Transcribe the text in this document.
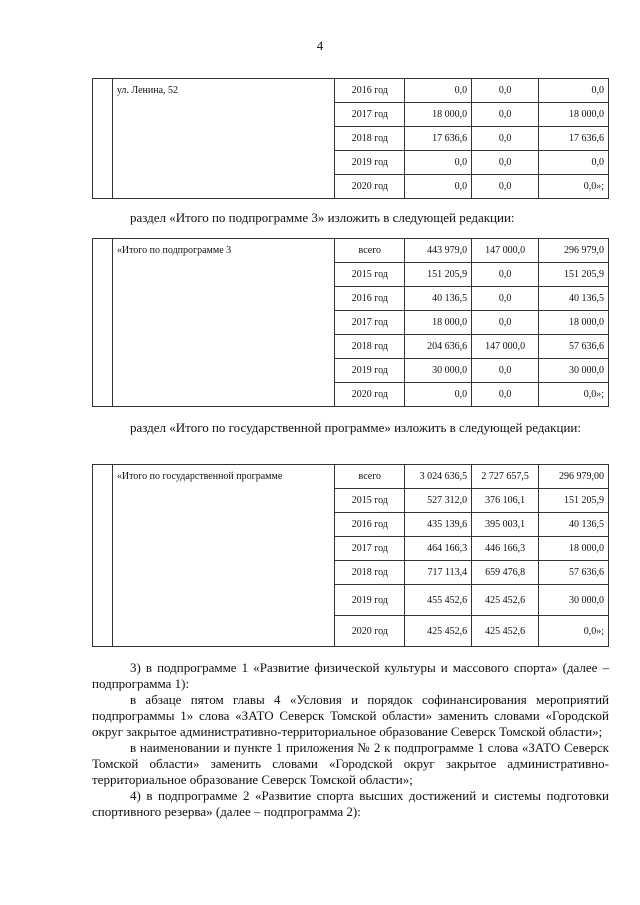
4
	ул. Ленина, 52	2016 год	0,0	0,0	0,0
		2017 год	18 000,0	0,0	18 000,0
		2018 год	17 636,6	0,0	17 636,6
		2019 год	0,0	0,0	0,0
		2020 год	0,0	0,0	0,0»;

раздел «Итого по подпрограмме 3» изложить в следующей редакции:

	«Итого по подпрограмме 3	всего	443 979,0	147 000,0	296 979,0
		2015 год	151 205,9	0,0	151 205,9
		2016 год	40 136,5	0,0	40 136,5
		2017 год	18 000,0	0,0	18 000,0
		2018 год	204 636,6	147 000,0	57 636,6
		2019 год	30 000,0	0,0	30 000,0
		2020 год	0,0	0,0	0,0»;

раздел «Итого по государственной программе» изложить в следующей редакции:

	«Итого по государственной программе	всего	3 024 636,5	2 727 657,5	296 979,00
		2015 год	527 312,0	376 106,1	151 205,9
		2016 год	435 139,6	395 003,1	40 136,5
		2017 год	464 166,3	446 166,3	18 000,0
		2018 год	717 113,4	659 476,8	57 636,6
		2019 год	455 452,6	425 452,6	30 000,0
		2020 год	425 452,6	425 452,6	0,0»;

3) в подпрограмме 1 «Развитие физической культуры и массового спорта» (далее – подпрограмма 1):

в абзаце пятом главы 4 «Условия и порядок софинансирования мероприятий подпрограммы 1» слова «ЗАТО Северск Томской области» заменить словами «Городской округ закрытое административно-территориальное образование Северск Томской области»;

в наименовании и пункте 1 приложения № 2 к подпрограмме 1 слова «ЗАТО Северск Томской области» заменить словами «Городской округ закрытое административно-территориальное образование Северск Томской области»;

4) в подпрограмме 2 «Развитие спорта высших достижений и системы подготовки спортивного резерва» (далее – подпрограмма 2):
